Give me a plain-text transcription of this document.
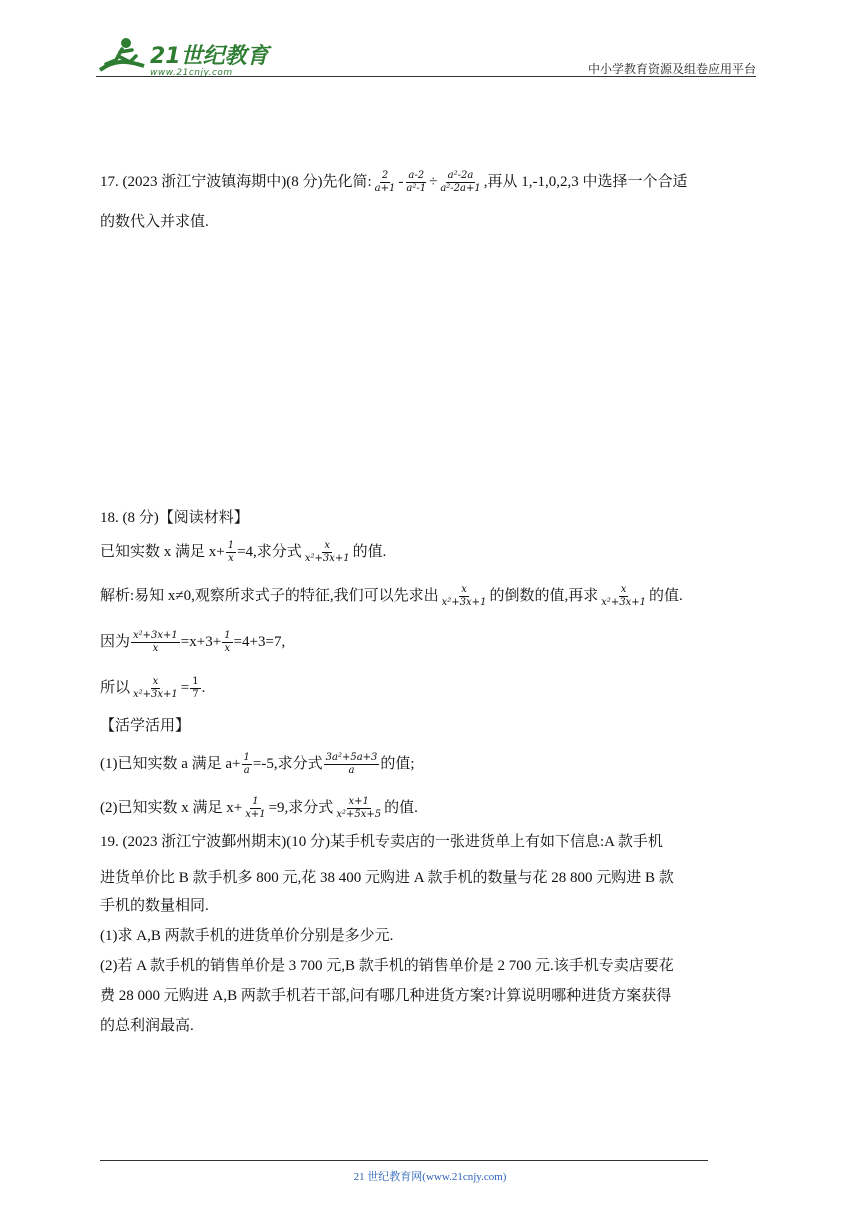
21世纪教育
www.21cnjy.com	中小学教育资源及组卷应用平台
17. (2023 浙江宁波镇海期中)(8 分)先化简: $\frac{2}{a+1} - \frac{a-2}{\text{a²-1}} \div \frac{\text{a²-2a}}{\text{a²-2a+1}}$ ,再从 1,-1,0,2,3 中选择一个合适
的数代入并求值.
18. (8 分)【阅读材料】
已知实数 x 满足 $x+ \frac{1}{x} =4$,求分式 $\frac{x}{\text{x²+3x+1}}$ 的值.
解析:易知 x≠0,观察所求式子的特征,我们可以先求出 $\frac{x}{\text{x²+3x+1}}$ 的倒数的值,再求 $\frac{x}{\text{x²+3x+1}}$ 的值.
因为 $\frac{\text{x²+3x+1}}{x} =x+3+ \frac{1}{x} =4+3=7$,
所以 $\frac{x}{\text{x²+3x+1}} = \frac{1}{7}$ .
【活学活用】
(1)已知实数 a 满足 $a+ \frac{1}{a} =-5$,求分式 $\frac{\text{3a²+5a+3}}{a}$ 的值;
(2)已知实数 x 满足 $x+ \frac{1}{x+1} =9$,求分式 $\frac{x+1}{\text{x²+5x+5}}$ 的值.
19. (2023 浙江宁波鄞州期末)(10 分)某手机专卖店的一张进货单上有如下信息:A 款手机
进货单价比 B 款手机多 800 元,花 38 400 元购进 A 款手机的数量与花 28 800 元购进 B 款
手机的数量相同.
(1)求 A,B 两款手机的进货单价分别是多少元.
(2)若 A 款手机的销售单价是 3 700 元,B 款手机的销售单价是 2 700 元.该手机专卖店要花
费 28 000 元购进 A,B 两款手机若干部,问有哪几种进货方案?计算说明哪种进货方案获得
的总利润最高.
21 世纪教育网(www.21cnjy.com)
